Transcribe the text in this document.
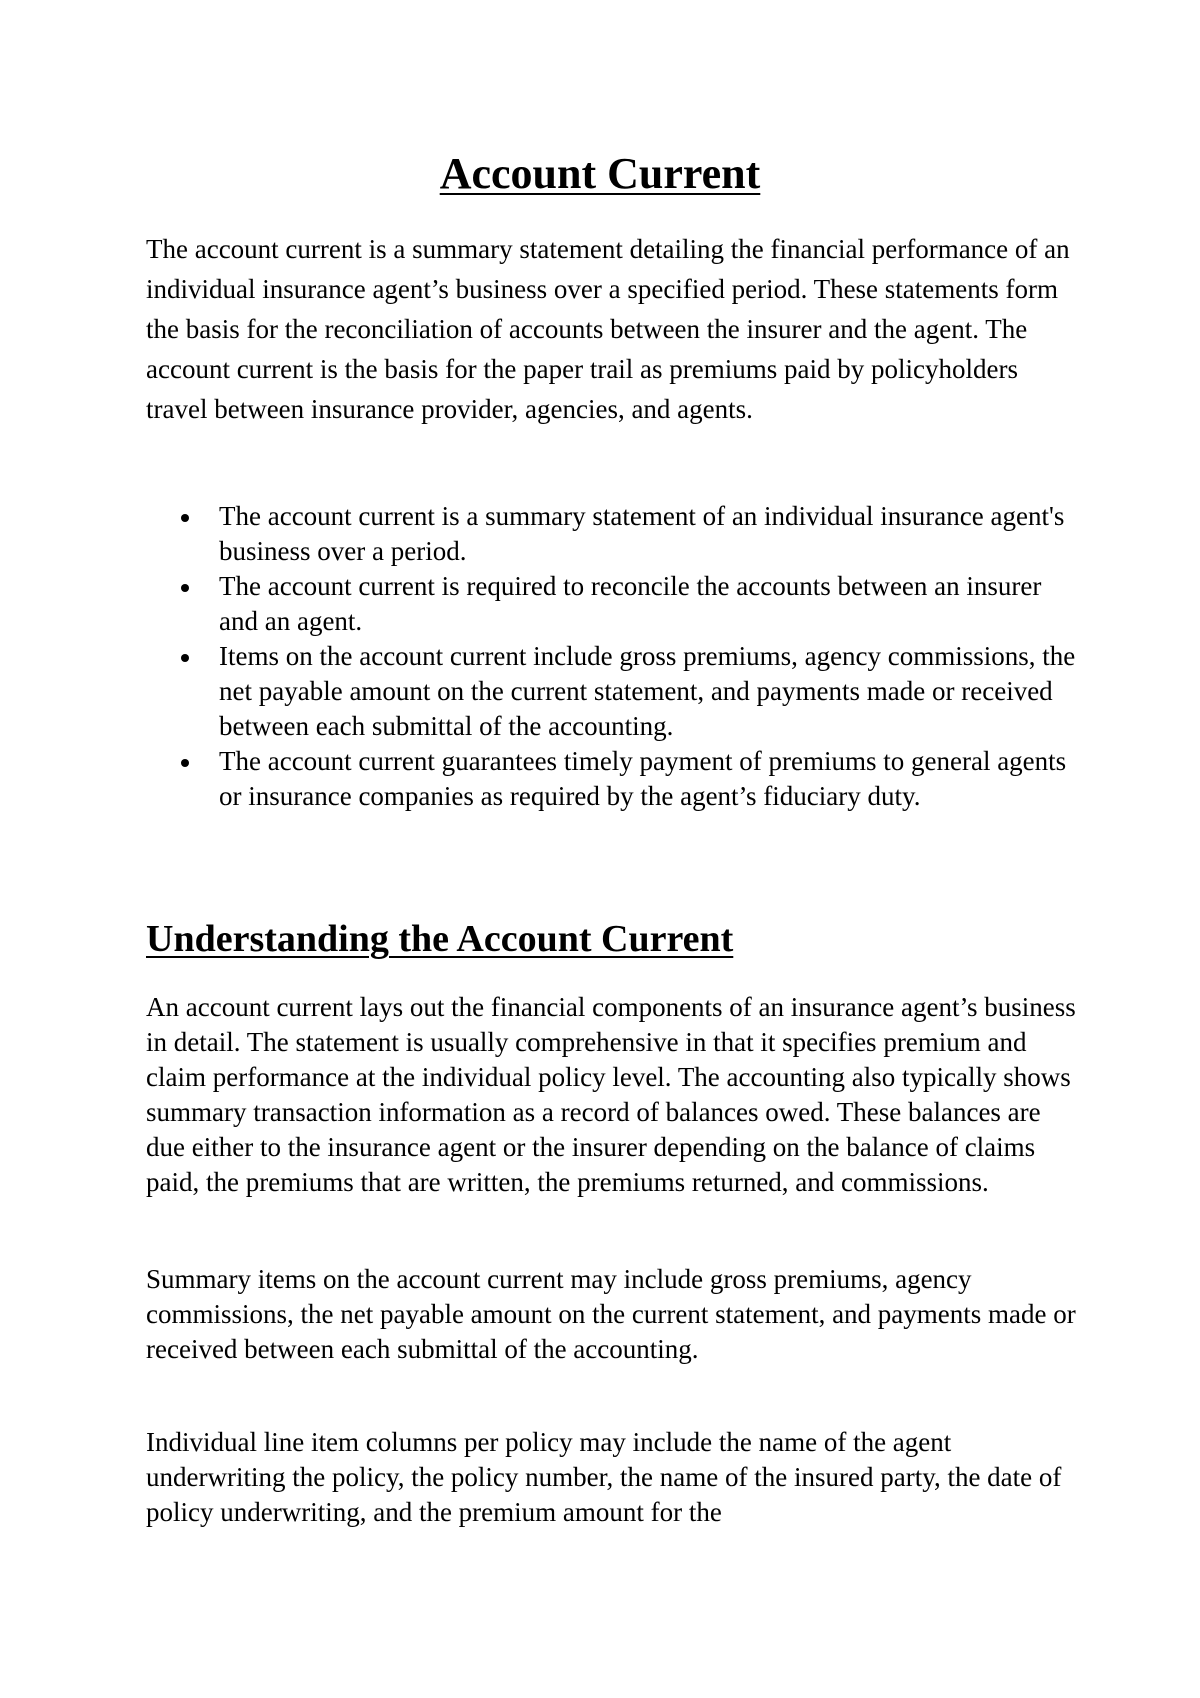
Account Current

The account current is a summary statement detailing the financial performance of an individual insurance agent’s business over a specified period. These statements form the basis for the reconciliation of accounts between the insurer and the agent. The account current is the basis for the paper trail as premiums paid by policyholders travel between insurance provider, agencies, and agents.

The account current is a summary statement of an individual insurance agent's business over a period.
The account current is required to reconcile the accounts between an insurer and an agent.
Items on the account current include gross premiums, agency commissions, the net payable amount on the current statement, and payments made or received between each submittal of the accounting.
The account current guarantees timely payment of premiums to general agents or insurance companies as required by the agent’s fiduciary duty.
Understanding the Account Current

An account current lays out the financial components of an insurance agent’s business in detail. The statement is usually comprehensive in that it specifies premium and claim performance at the individual policy level. The accounting also typically shows summary transaction information as a record of balances owed. These balances are due either to the insurance agent or the insurer depending on the balance of claims paid, the premiums that are written, the premiums returned, and commissions.

Summary items on the account current may include gross premiums, agency commissions, the net payable amount on the current statement, and payments made or received between each submittal of the accounting.

Individual line item columns per policy may include the name of the agent underwriting the policy, the policy number, the name of the insured party, the date of policy underwriting, and the premium amount for the
